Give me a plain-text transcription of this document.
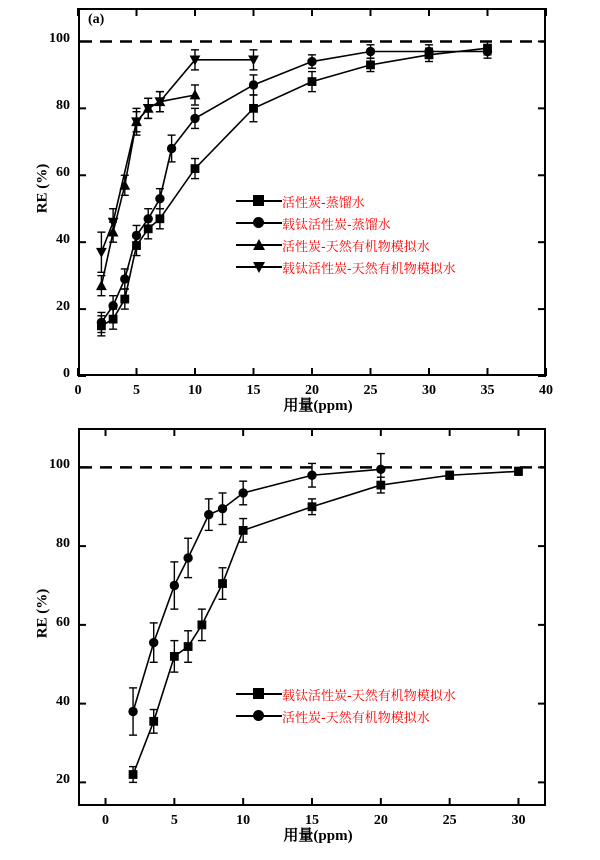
(a)
RE (%)
用量(ppm)
活性炭-蒸馏水
载钛活性炭-蒸馏水
活性炭-天然有机物模拟水
载钛活性炭-天然有机物模拟水
0	5	10	15	20	25	30	35	40
0
20
40
60
80
100
RE (%)
用量(ppm)
载钛活性炭-天然有机物模拟水
活性炭-天然有机物模拟水
0	5	10	15	20	25	30
20
40
60
80
100
